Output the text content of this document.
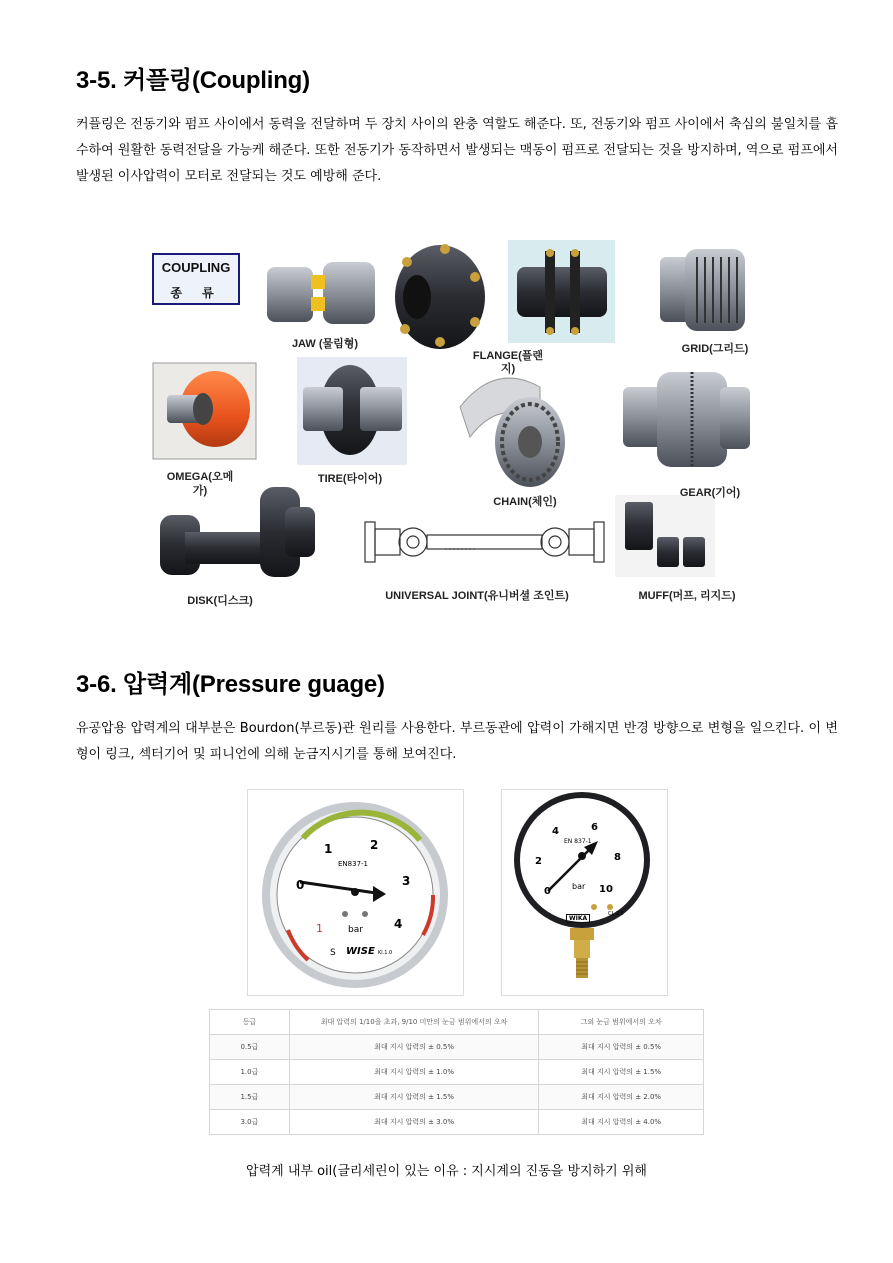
3-5. 커플링(Coupling)

커플링은 전동기와 펌프 사이에서 동력을 전달하며 두 장치 사이의 완충 역할도 해준다. 또, 전동기와 펌프 사이에서 축심의 불일치를 흡수하여 원활한 동력전달을 가능케 해준다. 또한 전동기가 동작하면서 발생되는 맥동이 펌프로 전달되는 것을 방지하며, 역으로 펌프에서 발생된 이사압력이 모터로 전달되는 것도 예방해 준다.

COUPLING
종 류
JAW (물림형)
FLANGE(플랜지)
GRID(그리드)
OMEGA(오메가)
TIRE(타이어)
CHAIN(체인)
GEAR(기어)
DISK(디스크)	UNIVERSAL JOINT(유니버셜 조인트)	MUFF(머프, 리지드)
3-6. 압력계(Pressure guage)

유공압용 압력계의 대부분은 Bourdon(부르동)관 원리를 사용한다. 부르동관에 압력이 가해지면 반경 방향으로 변형을 일으킨다. 이 변형이 링크, 섹터기어 및 피니언에 의해 눈금지시기를 통해 보여진다.

EN837-1
0
1	2
3
4
1
S
bar
WISE Kl.1.0
EN 837-1
0
2
4	6
8
10
bar
WIKA
CL 2.5
등급	최대 압력의 1/10을 초과, 9/10 미만의 눈금 범위에서의 오차	그외 눈금 범위에서의 오차
0.5급	최대 지시 압력의 ± 0.5%	최대 지시 압력의 ± 0.5%
1.0급	최대 지시 압력의 ± 1.0%	최대 지시 압력의 ± 1.5%
1.5급	최대 지시 압력의 ± 1.5%	최대 지시 압력의 ± 2.0%
3.0급	최대 지시 압력의 ± 3.0%	최대 지시 압력의 ± 4.0%
압력계 내부 oil(글리세린이 있는 이유 : 지시계의 진동을 방지하기 위해
